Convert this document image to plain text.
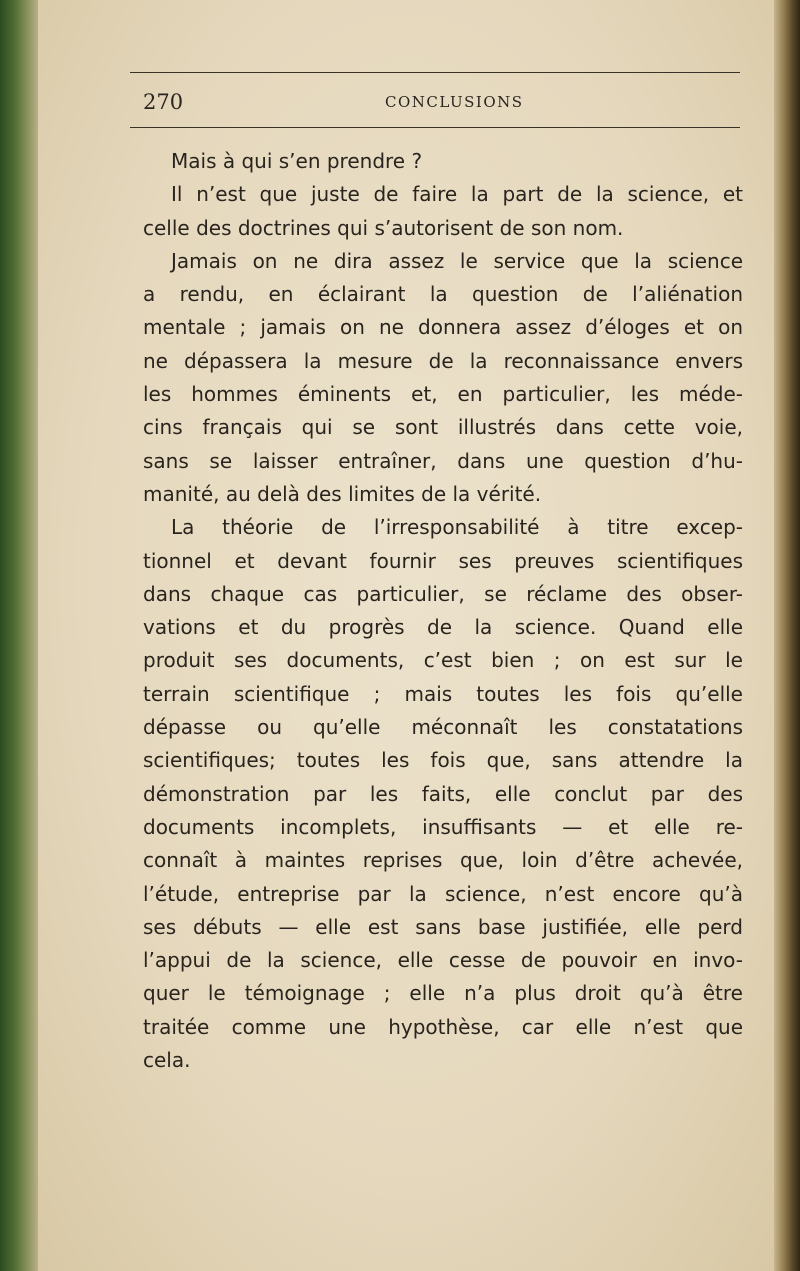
270	CONCLUSIONS
Mais à qui s’en prendre ?
Il n’est que juste de faire la part de la science, et
celle des doctrines qui s’autorisent de son nom.
Jamais on ne dira assez le service que la science
a rendu, en éclairant la question de l’aliénation
mentale ; jamais on ne donnera assez d’éloges et on
ne dépassera la mesure de la reconnaissance envers
les hommes éminents et, en particulier, les méde-
cins français qui se sont illustrés dans cette voie,
sans se laisser entraîner, dans une question d’hu-
manité, au delà des limites de la vérité.
La théorie de l’irresponsabilité à titre excep-
tionnel et devant fournir ses preuves scientifiques
dans chaque cas particulier, se réclame des obser-
vations et du progrès de la science. Quand elle
produit ses documents, c’est bien ; on est sur le
terrain scientifique ; mais toutes les fois qu’elle
dépasse ou qu’elle méconnaît les constatations
scientifiques; toutes les fois que, sans attendre la
démonstration par les faits, elle conclut par des
documents incomplets, insuffisants — et elle re-
connaît à maintes reprises que, loin d’être achevée,
l’étude, entreprise par la science, n’est encore qu’à
ses débuts — elle est sans base justifiée, elle perd
l’appui de la science, elle cesse de pouvoir en invo-
quer le témoignage ; elle n’a plus droit qu’à être
traitée comme une hypothèse, car elle n’est que
cela.
